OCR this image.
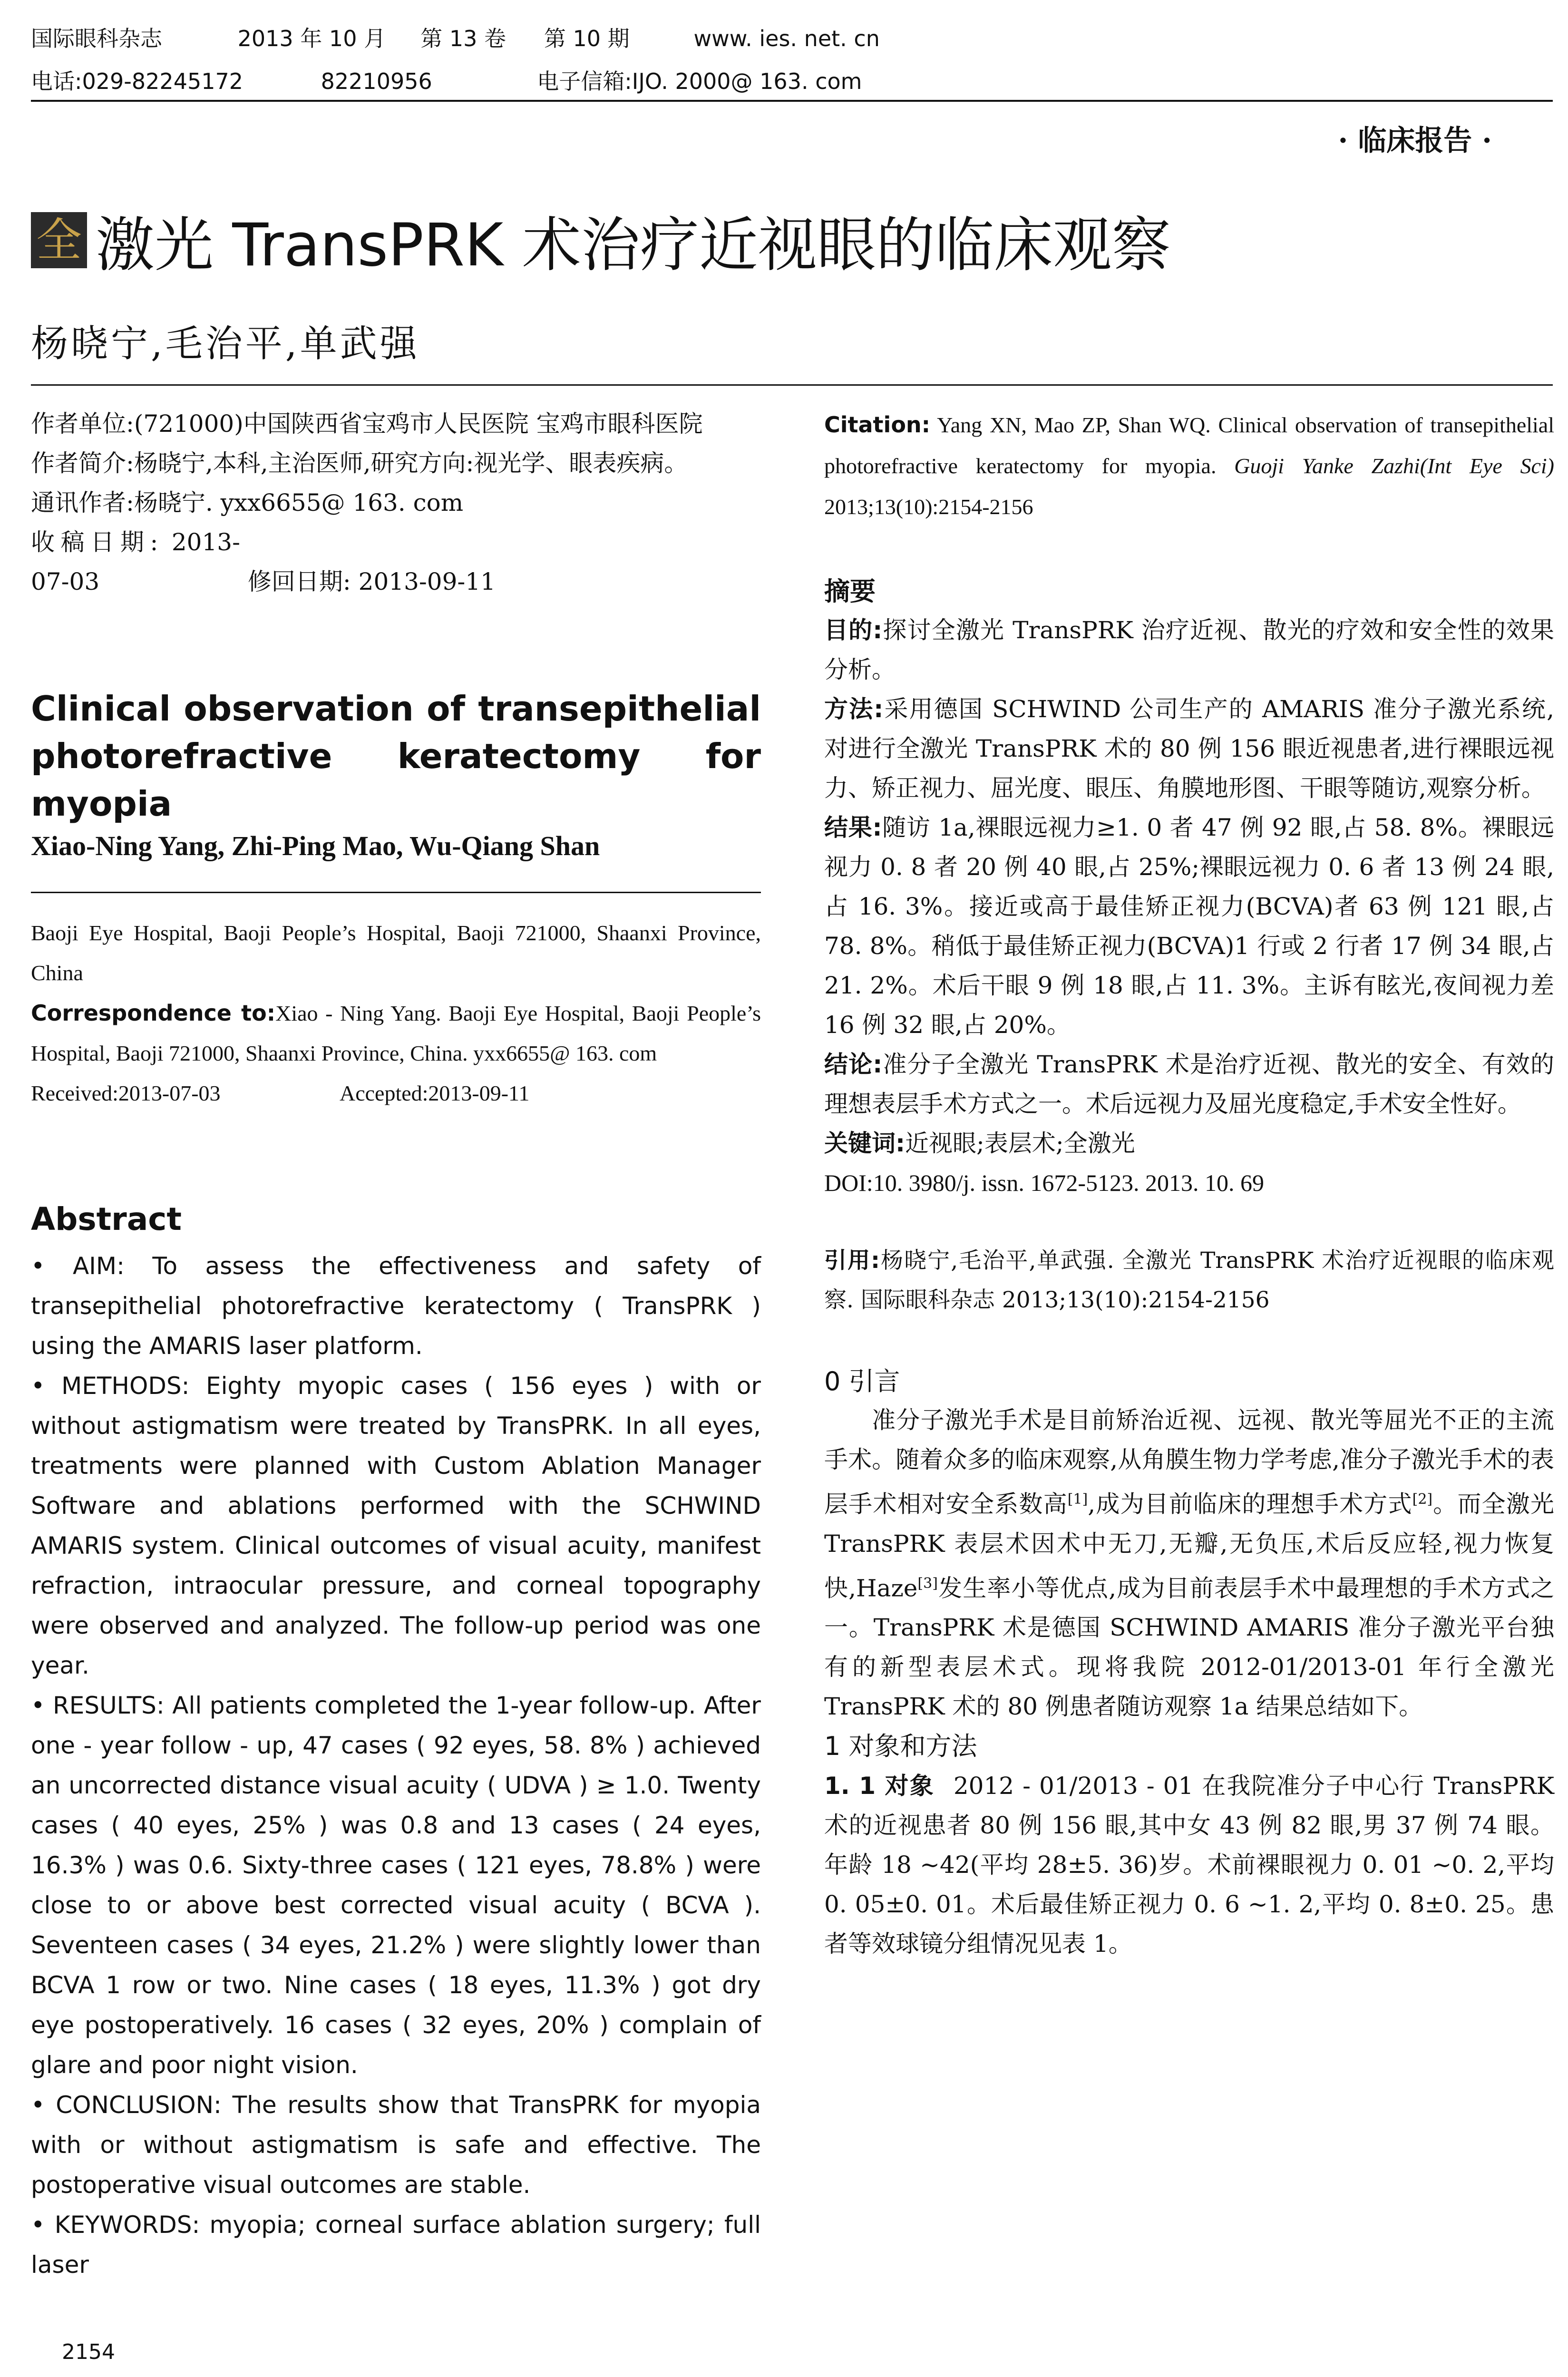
国际眼科杂志	2013 年 10 月 第 13 卷 第 10 期	www. ies. net. cn
电话:029-82245172	82210956	电子信箱:IJO. 2000@ 163. com
· 临床报告 ·
全 激光 TransPRK 术治疗近视眼的临床观察
杨晓宁,毛治平,单武强

作者单位:(721000)中国陕西省宝鸡市人民医院 宝鸡市眼科医院

作者简介:杨晓宁,本科,主治医师,研究方向:视光学、眼表疾病。

通讯作者:杨晓宁. yxx6655@ 163. com

收稿日期: 2013-07-03	修回日期: 2013-09-11

Clinical observation of transepithelial photorefractive keratectomy for myopia
Xiao-Ning Yang, Zhi-Ping Mao, Wu-Qiang Shan

Baoji Eye Hospital, Baoji People’s Hospital, Baoji 721000, Shaanxi Province, China

Correspondence to:Xiao - Ning Yang. Baoji Eye Hospital, Baoji People’s Hospital, Baoji 721000, Shaanxi Province, China. yxx6655@ 163. com

Received:2013-07-03	Accepted:2013-09-11

Abstract

• AIM: To assess the effectiveness and safety of transepithelial photorefractive keratectomy ( TransPRK ) using the AMARIS laser platform.

• METHODS: Eighty myopic cases ( 156 eyes ) with or without astigmatism were treated by TransPRK. In all eyes, treatments were planned with Custom Ablation Manager Software and ablations performed with the SCHWIND AMARIS system. Clinical outcomes of visual acuity, manifest refraction, intraocular pressure, and corneal topography were observed and analyzed. The follow-up period was one year.

• RESULTS: All patients completed the 1-year follow-up. After one - year follow - up, 47 cases ( 92 eyes, 58. 8% ) achieved an uncorrected distance visual acuity ( UDVA ) ≥ 1.0. Twenty cases ( 40 eyes, 25% ) was 0.8 and 13 cases ( 24 eyes, 16.3% ) was 0.6. Sixty-three cases ( 121 eyes, 78.8% ) were close to or above best corrected visual acuity ( BCVA ). Seventeen cases ( 34 eyes, 21.2% ) were slightly lower than BCVA 1 row or two. Nine cases ( 18 eyes, 11.3% ) got dry eye postoperatively. 16 cases ( 32 eyes, 20% ) complain of glare and poor night vision.

• CONCLUSION: The results show that TransPRK for myopia with or without astigmatism is safe and effective. The postoperative visual outcomes are stable.

• KEYWORDS: myopia; corneal surface ablation surgery; full laser

2154

Citation: Yang XN, Mao ZP, Shan WQ. Clinical observation of transepithelial photorefractive keratectomy for myopia. Guoji Yanke Zazhi(Int Eye Sci) 2013;13(10):2154-2156

摘要

目的:探讨全激光 TransPRK 治疗近视、散光的疗效和安全性的效果分析。

方法:采用德国 SCHWIND 公司生产的 AMARIS 准分子激光系统,对进行全激光 TransPRK 术的 80 例 156 眼近视患者,进行裸眼远视力、矫正视力、屈光度、眼压、角膜地形图、干眼等随访,观察分析。

结果:随访 1a,裸眼远视力≥1. 0 者 47 例 92 眼,占 58. 8%。裸眼远视力 0. 8 者 20 例 40 眼,占 25%;裸眼远视力 0. 6 者 13 例 24 眼,占 16. 3%。接近或高于最佳矫正视力(BCVA)者 63 例 121 眼,占 78. 8%。稍低于最佳矫正视力(BCVA)1 行或 2 行者 17 例 34 眼,占 21. 2%。术后干眼 9 例 18 眼,占 11. 3%。主诉有眩光,夜间视力差 16 例 32 眼,占 20%。

结论:准分子全激光 TransPRK 术是治疗近视、散光的安全、有效的理想表层手术方式之一。术后远视力及屈光度稳定,手术安全性好。

关键词:近视眼;表层术;全激光

DOI:10. 3980/j. issn. 1672-5123. 2013. 10. 69

引用:杨晓宁,毛治平,单武强. 全激光 TransPRK 术治疗近视眼的临床观察. 国际眼科杂志 2013;13(10):2154-2156

0 引言

准分子激光手术是目前矫治近视、远视、散光等屈光不正的主流手术。随着众多的临床观察,从角膜生物力学考虑,准分子激光手术的表层手术相对安全系数高[1],成为目前临床的理想手术方式[2]。而全激光 TransPRK 表层术因术中无刀,无瓣,无负压,术后反应轻,视力恢复快,Haze[3]发生率小等优点,成为目前表层手术中最理想的手术方式之一。TransPRK 术是德国 SCHWIND AMARIS 准分子激光平台独有的新型表层术式。现将我院 2012-01/2013-01 年行全激光 TransPRK 术的 80 例患者随访观察 1a 结果总结如下。

1 对象和方法

1. 1 对象 2012 - 01/2013 - 01 在我院准分子中心行 TransPRK 术的近视患者 80 例 156 眼,其中女 43 例 82 眼,男 37 例 74 眼。年龄 18 ~42(平均 28±5. 36)岁。术前裸眼视力 0. 01 ~0. 2,平均 0. 05±0. 01。术后最佳矫正视力 0. 6 ~1. 2,平均 0. 8±0. 25。患者等效球镜分组情况见表 1。
